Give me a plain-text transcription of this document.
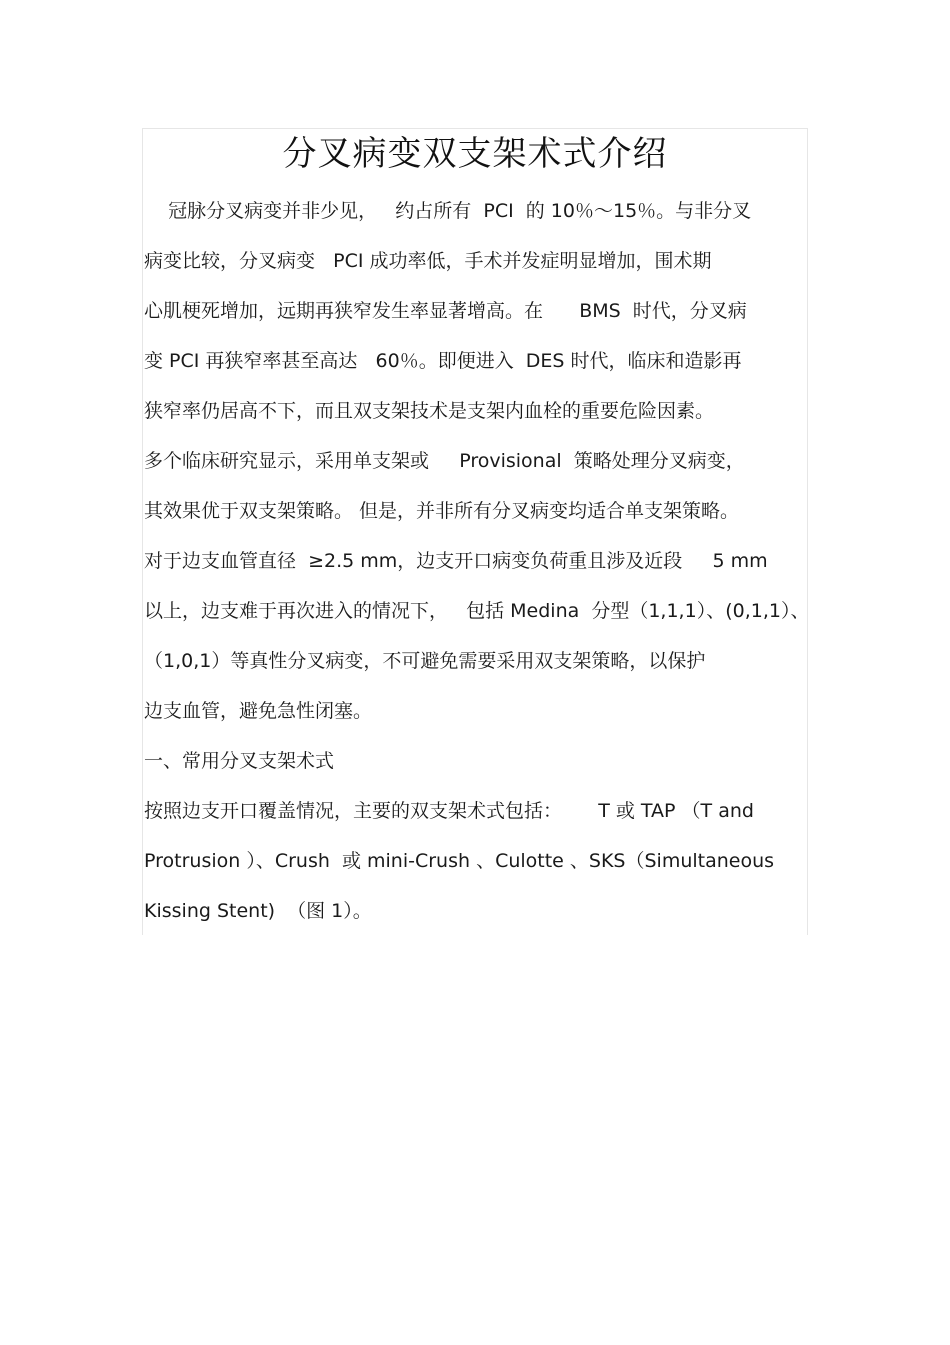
分叉病变双支架术式介绍
冠脉分叉病变并非少见，   约占所有  PCI  的 10％～15％。与非分叉
病变比较，分叉病变   PCI 成功率低，手术并发症明显增加，围术期
心肌梗死增加，远期再狭窄发生率显著增高。在      BMS  时代，分叉病
变 PCI 再狭窄率甚至高达   60％。即便进入  DES 时代，临床和造影再
狭窄率仍居高不下，而且双支架技术是支架内血栓的重要危险因素。
多个临床研究显示，采用单支架或     Provisional  策略处理分叉病变，
其效果优于双支架策略。 但是，并非所有分叉病变均适合单支架策略。
对于边支血管直径  ≥2.5 mm，边支开口病变负荷重且涉及近段     5 mm
以上，边支难于再次进入的情况下，   包括 Medina  分型（1,1,1）、(0,1,1）、
（1,0,1）等真性分叉病变，不可避免需要采用双支架策略，以保护
边支血管，避免急性闭塞。
一、常用分叉支架术式
按照边支开口覆盖情况，主要的双支架术式包括：      T 或 TAP （T and
Protrusion ）、Crush  或 mini-Crush 、Culotte 、SKS（Simultaneous
Kissing Stent)  （图 1）。
